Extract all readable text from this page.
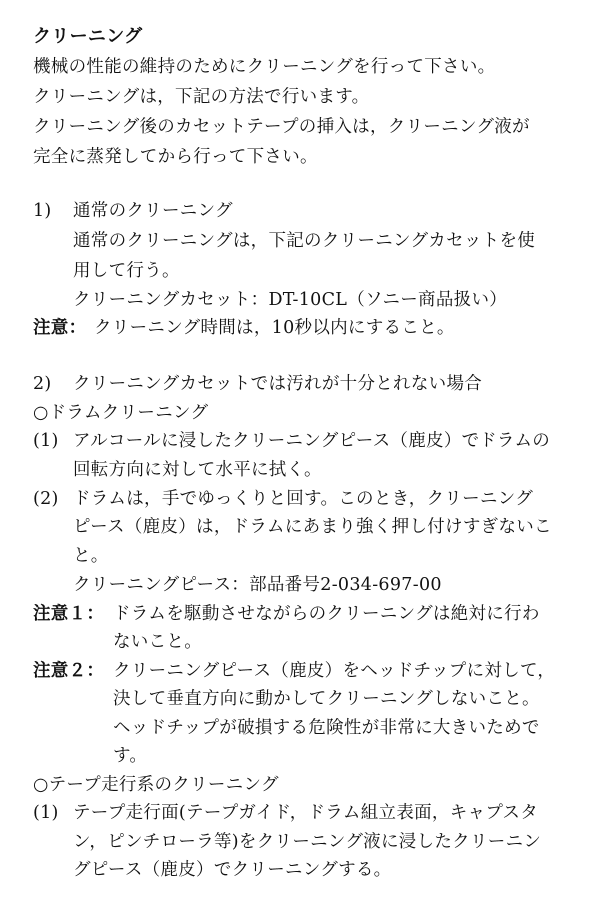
クリーニング
機械の性能の維持のためにクリーニングを行って下さい。
クリーニングは，下記の方法で行います。
クリーニング後のカセットテープの挿入は，クリーニング液が
完全に蒸発してから行って下さい。
1) 通常のクリーニング
通常のクリーニングは，下記のクリーニングカセットを使
用して行う。
クリーニングカセット：DT-10CL（ソニー商品扱い）
注意： クリーニング時間は，10秒以内にすること。
2) クリーニングカセットでは汚れが十分とれない場合
○ドラムクリーニング
(1) アルコールに浸したクリーニングピース（鹿皮）でドラムの
回転方向に対して水平に拭く。
(2) ドラムは，手でゆっくりと回す。このとき，クリーニング
ピース（鹿皮）は，ドラムにあまり強く押し付けすぎないこ
と。
クリーニングピース：部品番号2-034-697-00
注意１： ドラムを駆動させながらのクリーニングは絶対に行わ
ないこと。
注意２： クリーニングピース（鹿皮）をヘッドチップに対して，
決して垂直方向に動かしてクリーニングしないこと。
ヘッドチップが破損する危険性が非常に大きいためで
す。
○テープ走行系のクリーニング
(1) テープ走行面(テープガイド，ドラム組立表面，キャプスタ
ン，ピンチローラ等)をクリーニング液に浸したクリーニン
グピース（鹿皮）でクリーニングする。
